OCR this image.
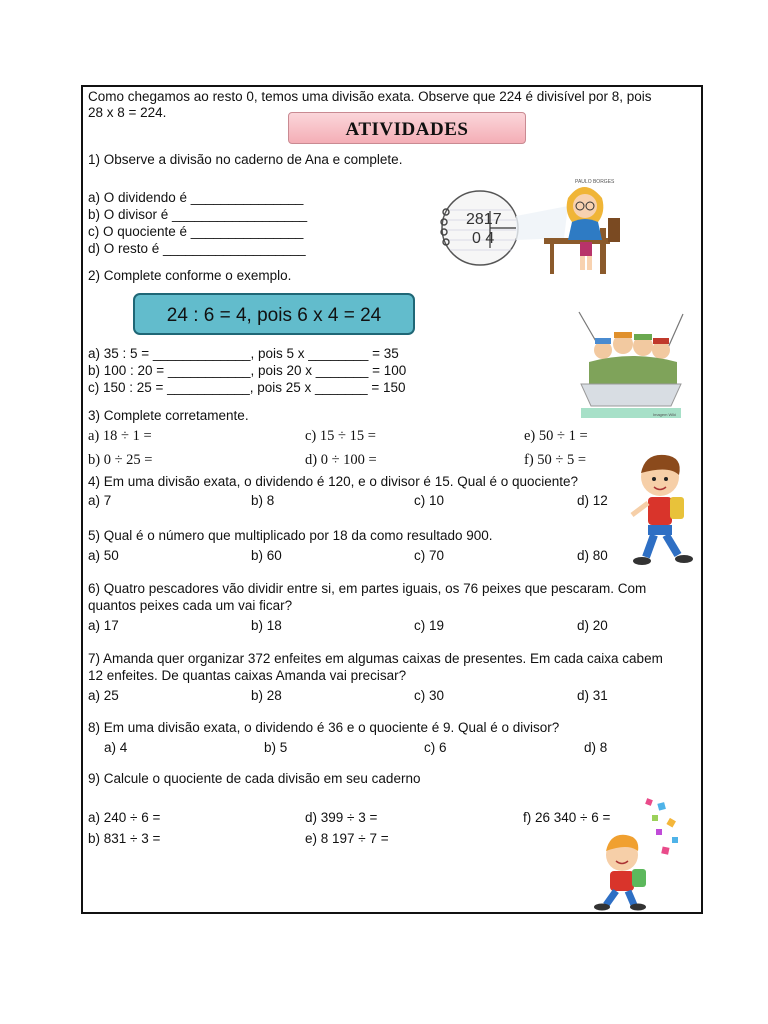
Como chegamos ao resto 0, temos uma divisão exata. Observe que 224 é divisível por 8, pois
28 x 8 = 224.
ATIVIDADES
1) Observe a divisão no caderno de Ana e complete.
a) O dividendo é _______________
b) O divisor é __________________
c) O quociente é _______________
d) O resto é ___________________
2817
0 4
PAULO BORGES
2) Complete conforme o exemplo.
24 : 6 = 4, pois 6 x 4 = 24
a) 35 : 5 = _____________, pois 5 x ________ = 35
b) 100 : 20 = ___________, pois 20 x _______ = 100
c) 150 : 25 = ___________, pois 25 x _______ = 150
Imagem Wiki
3) Complete corretamente.
a) 18 ÷ 1 =	c) 15 ÷ 15 =	e) 50 ÷ 1 =
b) 0 ÷ 25 =	d) 0 ÷ 100 =	f) 50 ÷ 5 =
4) Em uma divisão exata, o dividendo é 120, e o divisor é 15. Qual é o quociente?
a) 7	b) 8	c) 10	d) 12
5) Qual é o número que multiplicado por 18 da como resultado 900.
a) 50	b) 60	c) 70	d) 80
6) Quatro pescadores vão dividir entre si, em partes iguais, os 76 peixes que pescaram. Com
quantos peixes cada um vai ficar?
a) 17	b) 18	c) 19	d) 20
7) Amanda quer organizar 372 enfeites em algumas caixas de presentes. Em cada caixa cabem
12 enfeites. De quantas caixas Amanda vai precisar?
a) 25	b) 28	c) 30	d) 31
8) Em uma divisão exata, o dividendo é 36 e o quociente é 9. Qual é o divisor?
a) 4	b) 5	c) 6	d) 8
9) Calcule o quociente de cada divisão em seu caderno
a) 240 ÷ 6 =	d) 399 ÷ 3 =	f) 26 340 ÷ 6 =
b) 831 ÷ 3 =	e) 8 197 ÷ 7 =
